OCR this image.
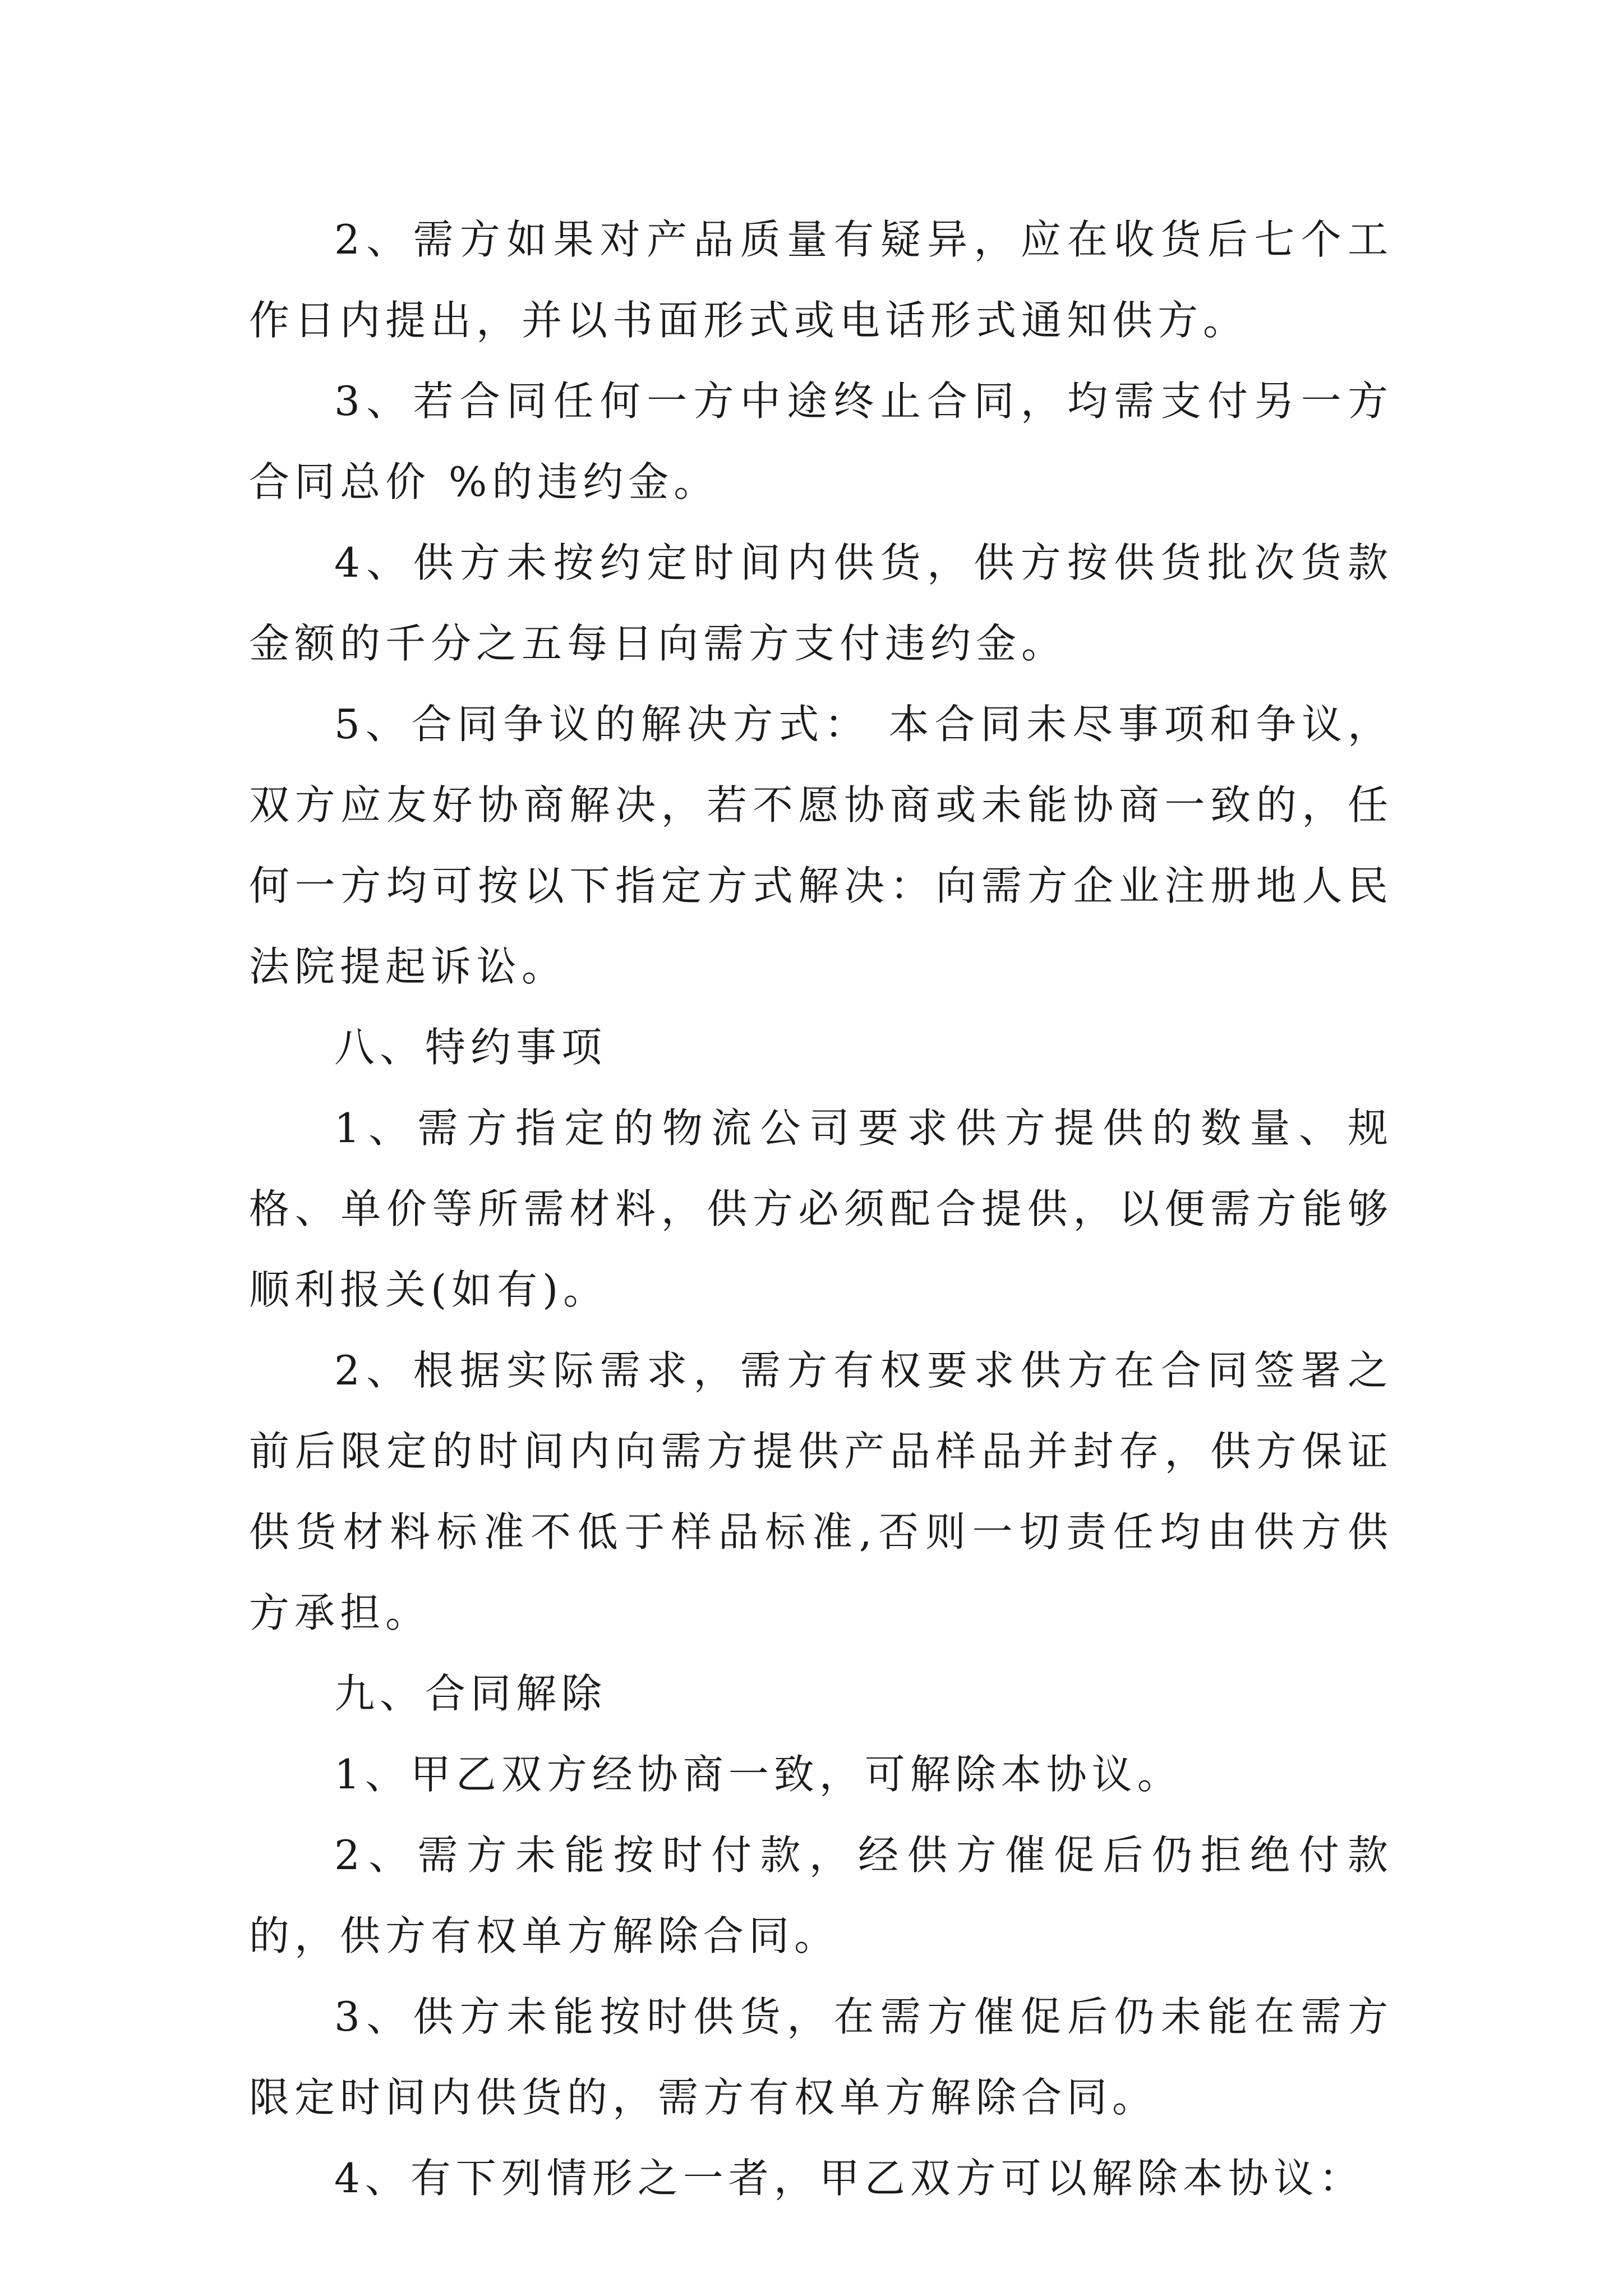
2、需方如果对产品质量有疑异，应在收货后七个工作日内提出，并以书面形式或电话形式通知供方。

3、若合同任何一方中途终止合同，均需支付另一方合同总价 %的违约金。

4、供方未按约定时间内供货，供方按供货批次货款金额的千分之五每日向需方支付违约金。

5、合同争议的解决方式： 本合同未尽事项和争议，双方应友好协商解决，若不愿协商或未能协商一致的，任何一方均可按以下指定方式解决：向需方企业注册地人民法院提起诉讼。

八、特约事项

1、需方指定的物流公司要求供方提供的数量、规格、单价等所需材料，供方必须配合提供，以便需方能够顺利报关(如有)。

2、根据实际需求，需方有权要求供方在合同签署之前后限定的时间内向需方提供产品样品并封存，供方保证供货材料标准不低于样品标准,否则一切责任均由供方供方承担。

九、合同解除

1、甲乙双方经协商一致，可解除本协议。

2、需方未能按时付款，经供方催促后仍拒绝付款的，供方有权单方解除合同。

3、供方未能按时供货，在需方催促后仍未能在需方限定时间内供货的，需方有权单方解除合同。

4、有下列情形之一者，甲乙双方可以解除本协议：
